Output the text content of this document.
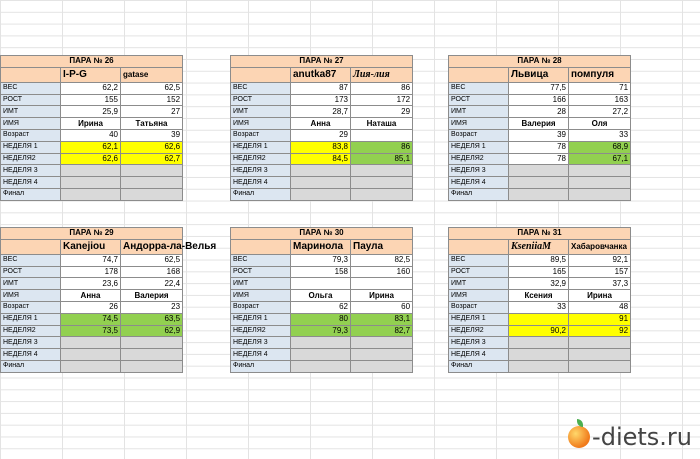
ПАРА № 26		
	I-P-G	gatase
ВЕС	62,2	62,5
РОСТ	155	152
ИМТ	25,9	27
ИМЯ	Ирина	Татьяна
Возраст	40	39
НЕДЕЛЯ 1	62,1	62,6
НЕДЕЛЯ2	62,6	62,7
НЕДЕЛЯ 3		
НЕДЕЛЯ 4		
Финал		
ПАРА № 27		
	anutka87	Лия-лия
ВЕС	87	86
РОСТ	173	172
ИМТ	28,7	29
ИМЯ	Анна	Наташа
Возраст	29	
НЕДЕЛЯ 1	83,8	86
НЕДЕЛЯ2	84,5	85,1
НЕДЕЛЯ 3		
НЕДЕЛЯ 4		
Финал		
ПАРА № 28		
	Львица	помпуля
ВЕС	77,5	71
РОСТ	166	163
ИМТ	28	27,2
ИМЯ	Валерия	Оля
Возраст	39	33
НЕДЕЛЯ 1	78	68,9
НЕДЕЛЯ2	78	67,1
НЕДЕЛЯ 3		
НЕДЕЛЯ 4		
Финал		
ПАРА № 29		
	Kanejiou	Андорра-ла-Велья
ВЕС	74,7	62,5
РОСТ	178	168
ИМТ	23,6	22,4
ИМЯ	Анна	Валерия
Возраст	26	23
НЕДЕЛЯ 1	74,5	63,5
НЕДЕЛЯ2	73,5	62,9
НЕДЕЛЯ 3		
НЕДЕЛЯ 4		
Финал		
ПАРА № 30		
	Маринола	Паула
ВЕС	79,3	82,5
РОСТ	158	160
ИМТ		
ИМЯ	Ольга	Ирина
Возраст	62	60
НЕДЕЛЯ 1	80	83,1
НЕДЕЛЯ2	79,3	82,7
НЕДЕЛЯ 3		
НЕДЕЛЯ 4		
Финал		
ПАРА № 31		
	KseniiaM	Хабаровчанка
ВЕС	89,5	92,1
РОСТ	165	157
ИМТ	32,9	37,3
ИМЯ	Ксения	Ирина
Возраст	33	48
НЕДЕЛЯ 1		91
НЕДЕЛЯ2	90,2	92
НЕДЕЛЯ 3		
НЕДЕЛЯ 4		
Финал		
-diets.ru
